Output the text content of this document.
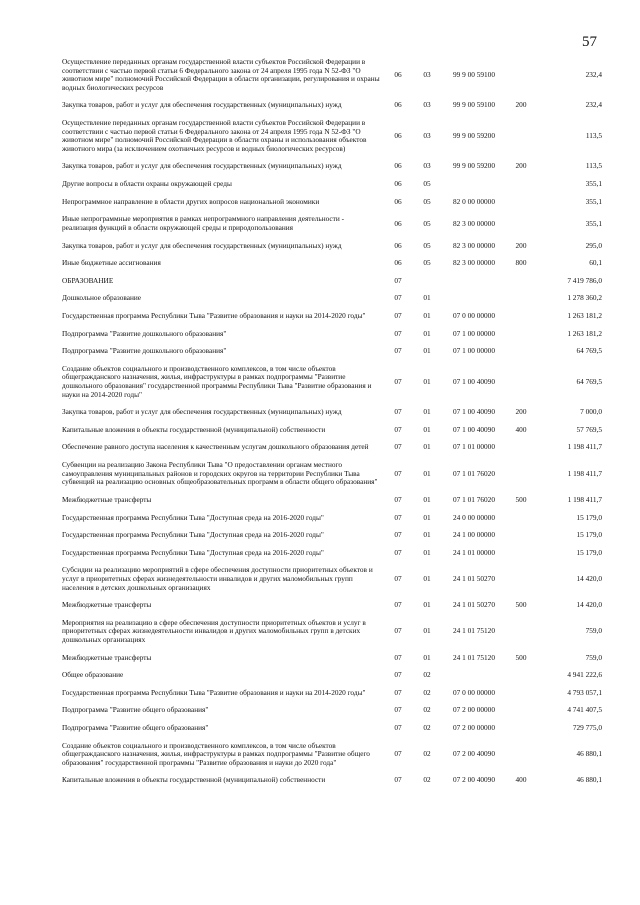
57
Осуществление переданных органам государственной власти субъектов Российской Федерации в соответствии с частью первой статьи 6 Федерального закона от 24 апреля 1995 года N 52-ФЗ "О животном мире" полномочий Российской Федерации в области организации, регулирования и охраны водных биологических ресурсов	06	03	99 9 00 59100		232,4

Закупка товаров, работ и услуг для обеспечения государственных (муниципальных) нужд	06	03	99 9 00 59100	200	232,4

Осуществление переданных органам государственной власти субъектов Российской Федерации в соответствии с частью первой статьи 6 Федерального закона от 24 апреля 1995 года N 52-ФЗ "О животном мире" полномочий Российской Федерации в области охраны и использования объектов животного мира (за исключением охотничьих ресурсов и водных биологических ресурсов)	06	03	99 9 00 59200		113,5

Закупка товаров, работ и услуг для обеспечения государственных (муниципальных) нужд	06	03	99 9 00 59200	200	113,5

Другие вопросы в области охраны окружающей среды	06	05			355,1

Непрограммное направление в области других вопросов национальной экономики	06	05	82 0 00 00000		355,1

Иные непрограммные мероприятия в рамках непрограммного направления деятельности - реализация функций в области окружающей среды и природопользования	06	05	82 3 00 00000		355,1

Закупка товаров, работ и услуг для обеспечения государственных (муниципальных) нужд	06	05	82 3 00 00000	200	295,0

Иные бюджетные ассигнования	06	05	82 3 00 00000	800	60,1

ОБРАЗОВАНИЕ	07				7 419 786,0

Дошкольное образование	07	01			1 278 360,2

Государственная программа Республики Тыва "Развитие образования и науки на 2014-2020 годы"	07	01	07 0 00 00000		1 263 181,2

Подпрограмма "Развитие дошкольного образования"	07	01	07 1 00 00000		1 263 181,2

Подпрограмма "Развитие дошкольного образования"	07	01	07 1 00 00000		64 769,5

Создание объектов социального и производственного комплексов, в том числе объектов общегражданского назначения, жилья, инфраструктуры в рамках подпрограммы "Развитие дошкольного образования" государственной программы Республики Тыва "Развитие образования и науки на 2014-2020 годы"	07	01	07 1 00 40090		64 769,5

Закупка товаров, работ и услуг для обеспечения государственных (муниципальных) нужд	07	01	07 1 00 40090	200	7 000,0

Капитальные вложения в объекты государственной (муниципальной) собственности	07	01	07 1 00 40090	400	57 769,5

Обеспечение равного доступа населения к качественным услугам дошкольного образования детей	07	01	07 1 01 00000		1 198 411,7

Субвенции на реализацию Закона Республики Тыва "О предоставлении органам местного самоуправления муниципальных районов и городских округов на территории Республики Тыва субвенций на реализацию основных общеобразовательных программ в области общего образования"	07	01	07 1 01 76020		1 198 411,7

Межбюджетные трансферты	07	01	07 1 01 76020	500	1 198 411,7

Государственная программа Республики Тыва "Доступная среда на 2016-2020 годы"	07	01	24 0 00 00000		15 179,0

Государственная программа Республики Тыва "Доступная среда на 2016-2020 годы"	07	01	24 1 00 00000		15 179,0

Государственная программа Республики Тыва "Доступная среда на 2016-2020 годы"	07	01	24 1 01 00000		15 179,0

Субсидии на реализацию мероприятий в сфере обеспечения доступности приоритетных объектов и услуг в приоритетных сферах жизнедеятельности инвалидов и других маломобильных групп населения в детских дошкольных организациях	07	01	24 1 01 50270		14 420,0

Межбюджетные трансферты	07	01	24 1 01 50270	500	14 420,0

Мероприятия на реализацию в сфере обеспечения доступности приоритетных объектов и услуг в приоритетных сферах жизнедеятельности инвалидов и других маломобильных групп в детских дошкольных организациях	07	01	24 1 01 75120		759,0

Межбюджетные трансферты	07	01	24 1 01 75120	500	759,0

Общее образование	07	02			4 941 222,6

Государственная программа Республики Тыва "Развитие образования и науки на 2014-2020 годы"	07	02	07 0 00 00000		4 793 057,1

Подпрограмма "Развитие общего образования"	07	02	07 2 00 00000		4 741 407,5

Подпрограмма "Развитие общего образования"	07	02	07 2 00 00000		729 775,0

Создание объектов социального и производственного комплексов, в том числе объектов общегражданского назначения, жилья, инфраструктуры в рамках подпрограммы "Развитие общего образования" государственной программы "Развитие образования и науки до 2020 года"	07	02	07 2 00 40090		46 880,1

Капитальные вложения в объекты государственной (муниципальной) собственности	07	02	07 2 00 40090	400	46 880,1
